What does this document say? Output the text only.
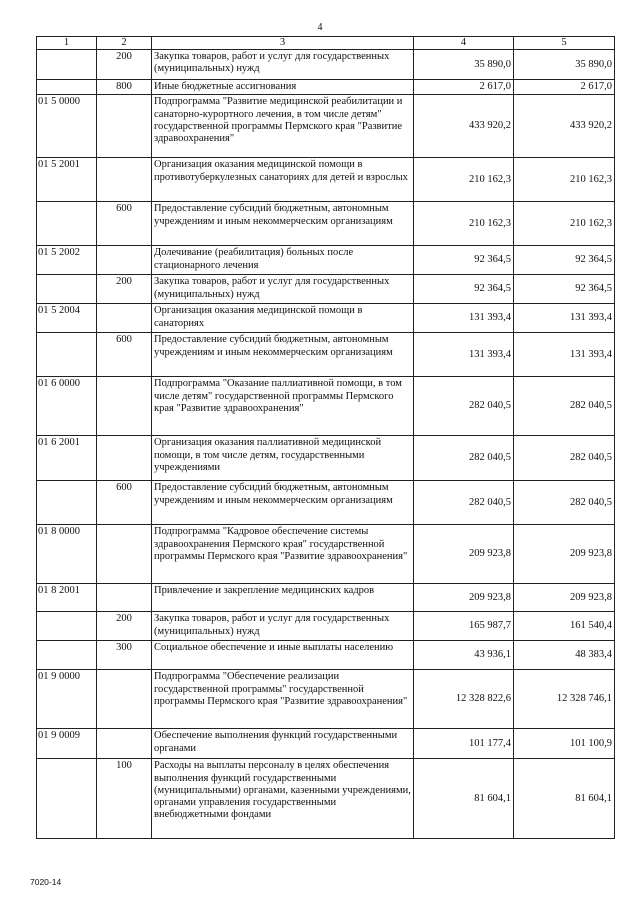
4
1	2	3	4	5
	200	Закупка товаров, работ и услуг для государственных (муниципальных) нужд	35 890,0	35 890,0
	800	Иные бюджетные ассигнования	2 617,0	2 617,0
01 5 0000		Подпрограмма "Развитие медицинской реабилитации и санаторно-курортного лечения, в том числе детям" государственной программы Пермского края "Развитие здравоохранения"	433 920,2	433 920,2
01 5 2001		Организация оказания медицинской помощи в противотуберкулезных санаториях для детей и взрослых	210 162,3	210 162,3
	600	Предоставление субсидий бюджетным, автономным учреждениям и иным некоммерческим организациям	210 162,3	210 162,3
01 5 2002		Долечивание (реабилитация) больных после стационарного лечения	92 364,5	92 364,5
	200	Закупка товаров, работ и услуг для государственных (муниципальных) нужд	92 364,5	92 364,5
01 5 2004		Организация оказания медицинской помощи в санаториях	131 393,4	131 393,4
	600	Предоставление субсидий бюджетным, автономным учреждениям и иным некоммерческим организациям	131 393,4	131 393,4
01 6 0000		Подпрограмма "Оказание паллиативной помощи, в том числе детям" государственной программы Пермского края "Развитие здравоохранения"	282 040,5	282 040,5
01 6 2001		Организация оказания паллиативной медицинской помощи, в том числе детям, государственными учреждениями	282 040,5	282 040,5
	600	Предоставление субсидий бюджетным, автономным учреждениям и иным некоммерческим организациям	282 040,5	282 040,5
01 8 0000		Подпрограмма "Кадровое обеспечение системы здравоохранения Пермского края" государственной программы Пермского края "Развитие здравоохранения"	209 923,8	209 923,8
01 8 2001		Привлечение и закрепление медицинских кадров	209 923,8	209 923,8
	200	Закупка товаров, работ и услуг для государственных (муниципальных) нужд	165 987,7	161 540,4
	300	Социальное обеспечение и иные выплаты населению	43 936,1	48 383,4
01 9 0000		Подпрограмма "Обеспечение реализации государственной программы" государственной программы Пермского края "Развитие здравоохранения"	12 328 822,6	12 328 746,1
01 9 0009		Обеспечение выполнения функций государственными органами	101 177,4	101 100,9
	100	Расходы на выплаты персоналу в целях обеспечения выполнения функций государственными (муниципальными) органами, казенными учреждениями, органами управления государственными внебюджетными фондами	81 604,1	81 604,1
7020-14
